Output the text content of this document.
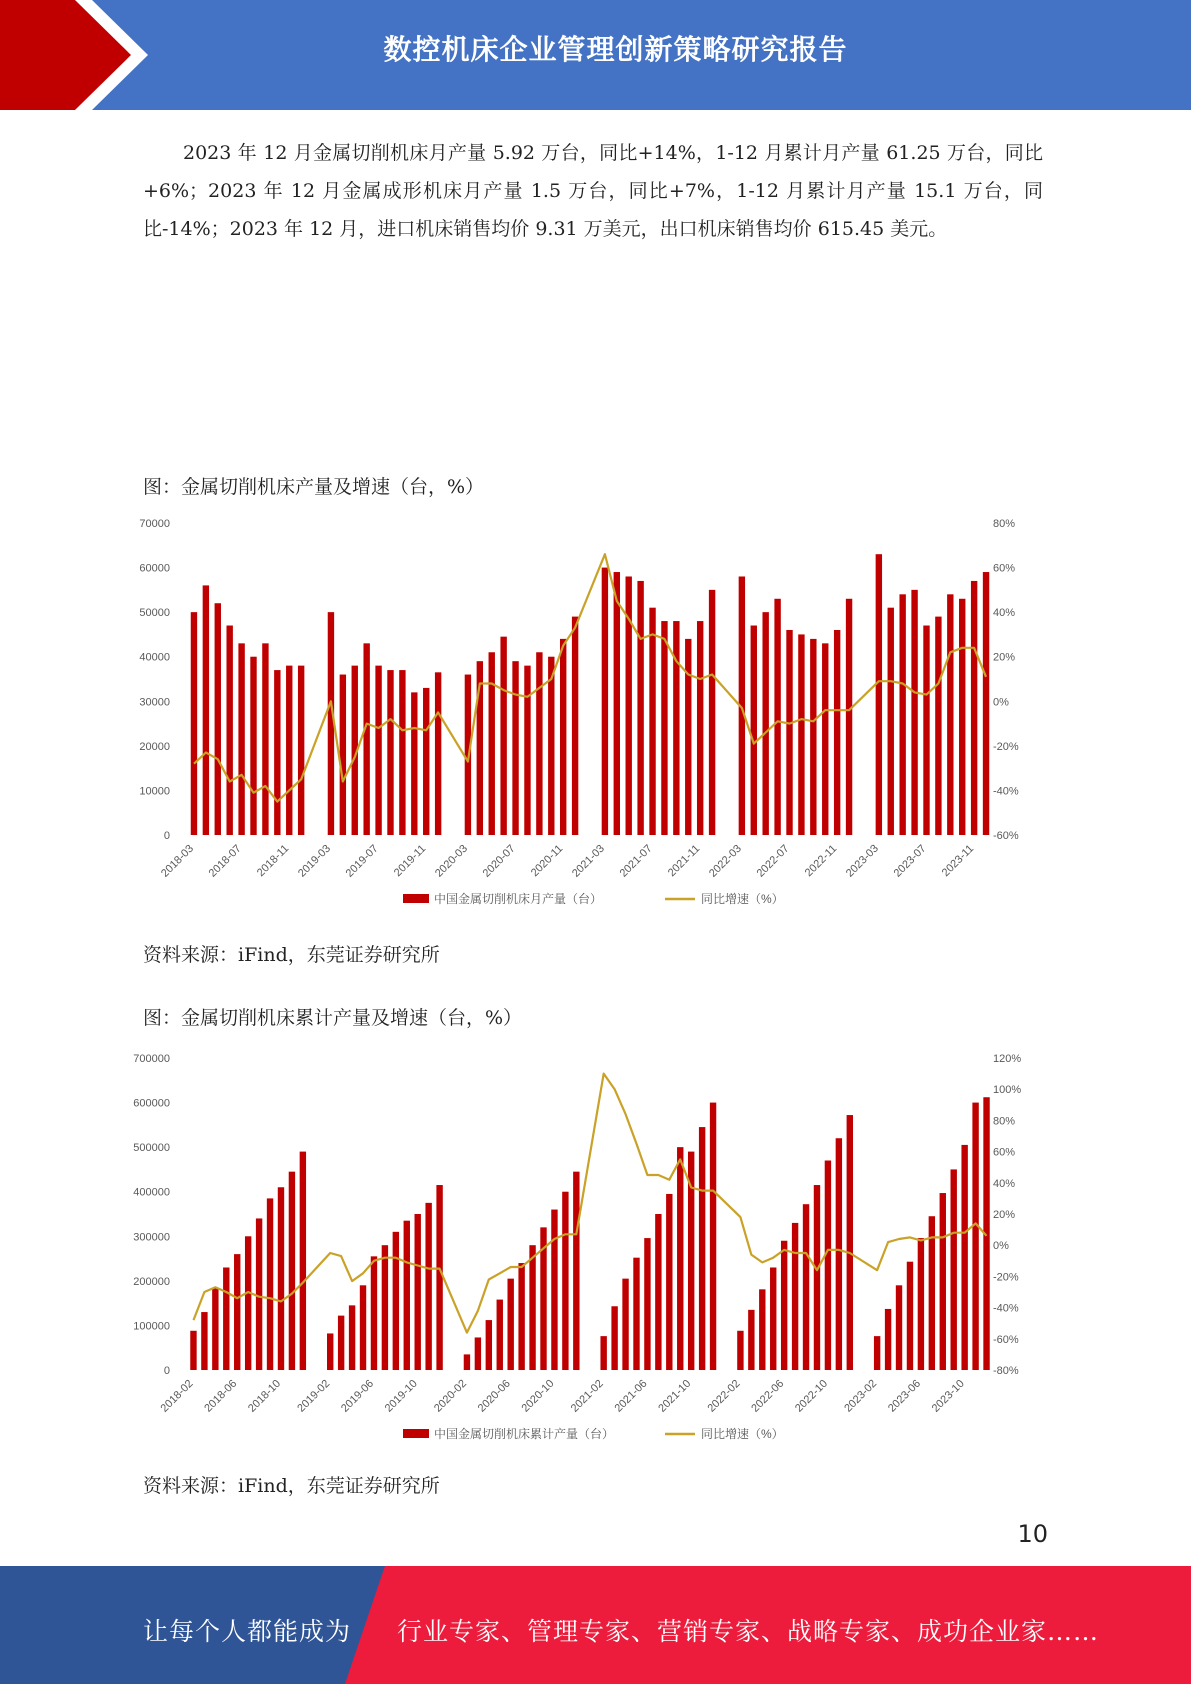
数控机床企业管理创新策略研究报告

2023 年 12 月金属切削机床月产量 5.92 万台，同比+14%，1-12 月累计月产量 61.25 万台，同比+6%；2023 年 12 月金属成形机床月产量 1.5 万台，同比+7%，1-12 月累计月产量 15.1 万台，同比-14%；2023 年 12 月，进口机床销售均价 9.31 万美元，出口机床销售均价 615.45 美元。

图：金属切削机床产量及增速（台，%）
70000
60000
50000
40000
30000
20000
10000
0
80%
60%
40%
20%
0%
-20%
-40%
-60%
2018-03 2018-07 2018-11 2019-03 2019-07 2019-11 2020-03 2020-07 2020-11 2021-03 2021-07 2021-11 2022-03 2022-07 2022-11 2023-03 2023-07 2023-11
中国金属切削机床月产量（台）	同比增速（%）
资料来源：iFind，东莞证券研究所
图：金属切削机床累计产量及增速（台，%）
700000
600000
500000
400000
300000
200000
100000
0
120%
100%
80%
60%
40%
20%
0%
-20%
-40%
-60%
-80%
2018-02 2018-06 2018-10 2019-02 2019-06 2019-10 2020-02 2020-06 2020-10 2021-02 2021-06 2021-10 2022-02 2022-06 2022-10 2023-02 2023-06 2023-10
中国金属切削机床累计产量（台）	同比增速（%）
资料来源：iFind，东莞证券研究所
10
让每个人都能成为 行业专家、管理专家、营销专家、战略专家、成功企业家……
